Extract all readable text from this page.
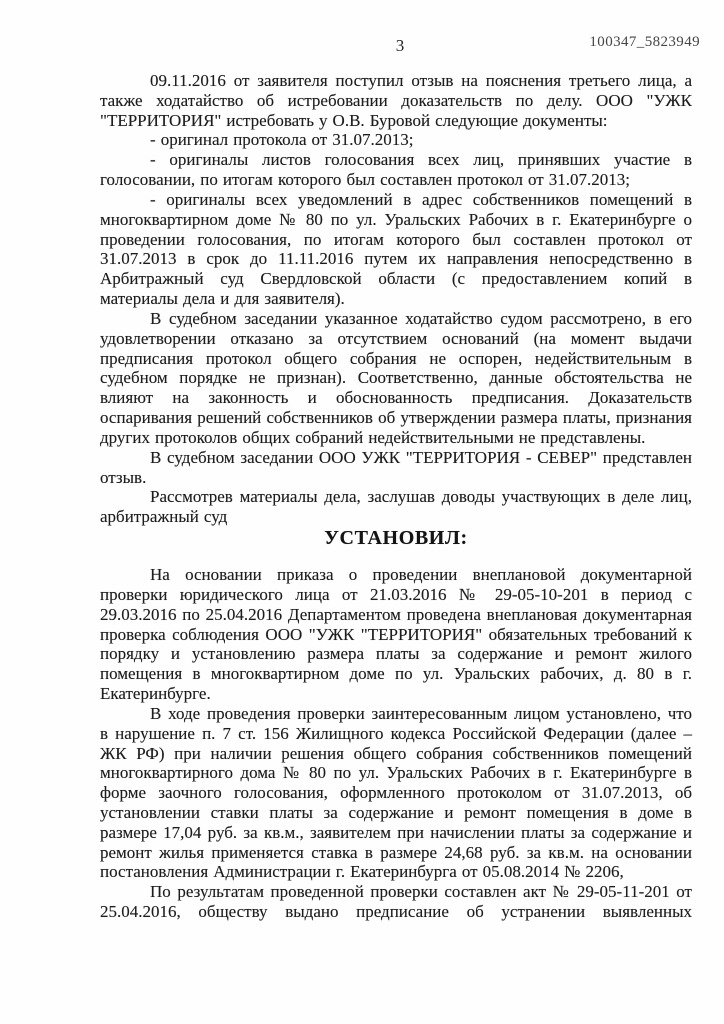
3	100347_5823949

09.11.2016 от заявителя поступил отзыв на пояснения третьего лица, а также ходатайство об истребовании доказательств по делу. ООО "УЖК "ТЕРРИТОРИЯ" истребовать у О.В. Буровой следующие документы:

- оригинал протокола от 31.07.2013;

- оригиналы листов голосования всех лиц, принявших участие в голосовании, по итогам которого был составлен протокол от 31.07.2013;

- оригиналы всех уведомлений в адрес собственников помещений в многоквартирном доме № 80 по ул. Уральских Рабочих в г. Екатеринбурге о проведении голосования, по итогам которого был составлен протокол от 31.07.2013 в срок до 11.11.2016 путем их направления непосредственно в Арбитражный суд Свердловской области (с предоставлением копий в материалы дела и для заявителя).

В судебном заседании указанное ходатайство судом рассмотрено, в его удовлетворении отказано за отсутствием оснований (на момент выдачи предписания протокол общего собрания не оспорен, недействительным в судебном порядке не признан). Соответственно, данные обстоятельства не влияют на законность и обоснованность предписания. Доказательств оспаривания решений собственников об утверждении размера платы, признания других протоколов общих собраний недействительными не представлены.

В судебном заседании ООО УЖК "ТЕРРИТОРИЯ - СЕВЕР" представлен отзыв.

Рассмотрев материалы дела, заслушав доводы участвующих в деле лиц, арбитражный суд

УСТАНОВИЛ:

На основании приказа о проведении внеплановой документарной проверки юридического лица от 21.03.2016 № 29-05-10-201 в период с 29.03.2016 по 25.04.2016 Департаментом проведена внеплановая документарная проверка соблюдения ООО "УЖК "ТЕРРИТОРИЯ" обязательных требований к порядку и установлению размера платы за содержание и ремонт жилого помещения в многоквартирном доме по ул. Уральских рабочих, д. 80 в г. Екатеринбурге.

В ходе проведения проверки заинтересованным лицом установлено, что в нарушение п. 7 ст. 156 Жилищного кодекса Российской Федерации (далее – ЖК РФ) при наличии решения общего собрания собственников помещений многоквартирного дома № 80 по ул. Уральских Рабочих в г. Екатеринбурге в форме заочного голосования, оформленного протоколом от 31.07.2013, об установлении ставки платы за содержание и ремонт помещения в доме в размере 17,04 руб. за кв.м., заявителем при начислении платы за содержание и ремонт жилья применяется ставка в размере 24,68 руб. за кв.м. на основании постановления Администрации г. Екатеринбурга от 05.08.2014 № 2206,

По результатам проведенной проверки составлен акт № 29-05-11-201 от 25.04.2016, обществу выдано предписание об устранении выявленных
